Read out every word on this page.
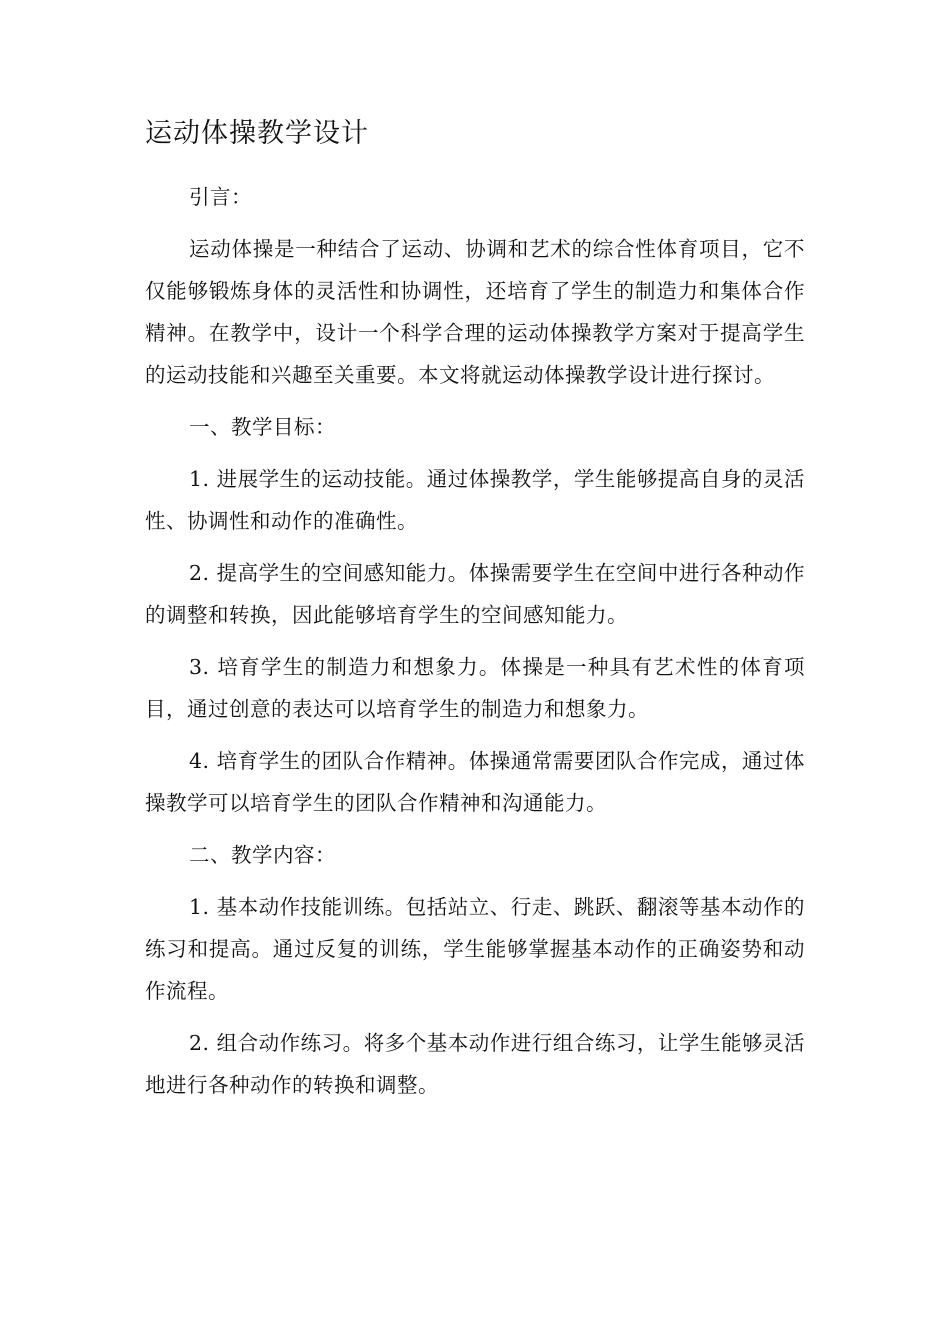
运动体操教学设计

引言：

运动体操是一种结合了运动、协调和艺术的综合性体育项目，它不仅能够锻炼身体的灵活性和协调性，还培育了学生的制造力和集体合作精神。在教学中，设计一个科学合理的运动体操教学方案对于提高学生的运动技能和兴趣至关重要。本文将就运动体操教学设计进行探讨。

一、教学目标：

1. 进展学生的运动技能。通过体操教学，学生能够提高自身的灵活性、协调性和动作的准确性。

2. 提高学生的空间感知能力。体操需要学生在空间中进行各种动作的调整和转换，因此能够培育学生的空间感知能力。

3. 培育学生的制造力和想象力。体操是一种具有艺术性的体育项目，通过创意的表达可以培育学生的制造力和想象力。

4. 培育学生的团队合作精神。体操通常需要团队合作完成，通过体操教学可以培育学生的团队合作精神和沟通能力。

二、教学内容：

1. 基本动作技能训练。包括站立、行走、跳跃、翻滚等基本动作的练习和提高。通过反复的训练，学生能够掌握基本动作的正确姿势和动作流程。

2. 组合动作练习。将多个基本动作进行组合练习，让学生能够灵活地进行各种动作的转换和调整。
